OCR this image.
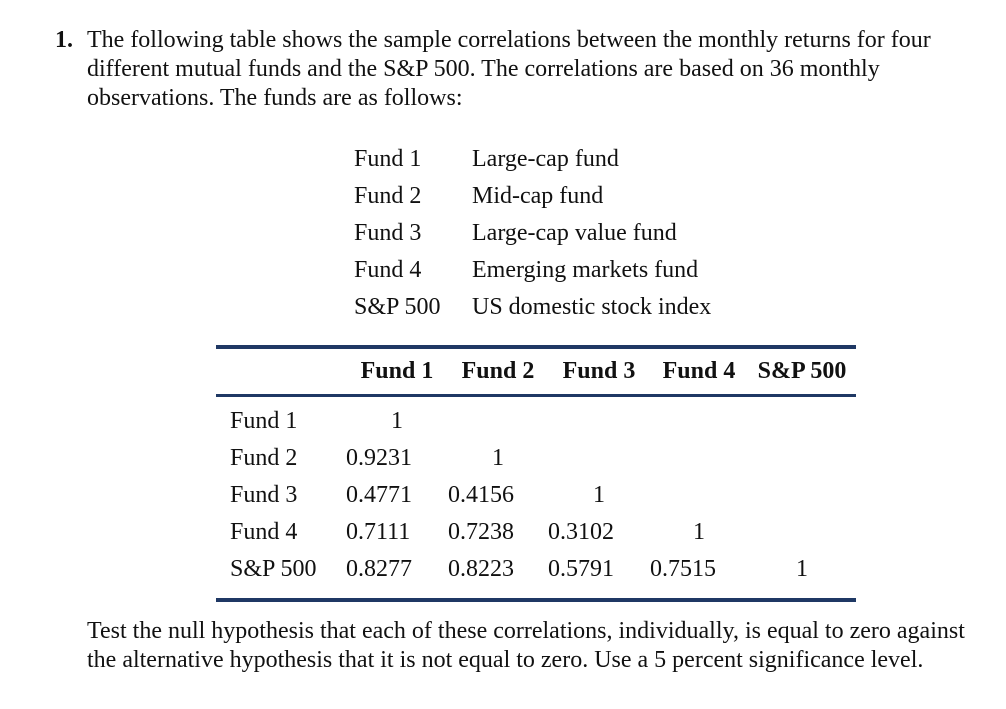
1. The following table shows the sample correlations between the monthly returns for four different mutual funds and the S&P 500. The correlations are based on 36 monthly observations. The funds are as follows:
Fund 1	Large-cap fund
Fund 2	Mid-cap fund
Fund 3	Large-cap value fund
Fund 4	Emerging markets fund
S&P 500	US domestic stock index
	Fund 1	Fund 2	Fund 3	Fund 4	S&P 500
Fund 1	1				
Fund 2	0.9231	1			
Fund 3	0.4771	0.4156	1		
Fund 4	0.7111	0.7238	0.3102	1	
S&P 500	0.8277	0.8223	0.5791	0.7515	1
Test the null hypothesis that each of these correlations, individually, is equal to zero against the alternative hypothesis that it is not equal to zero. Use a 5 percent significance level.
